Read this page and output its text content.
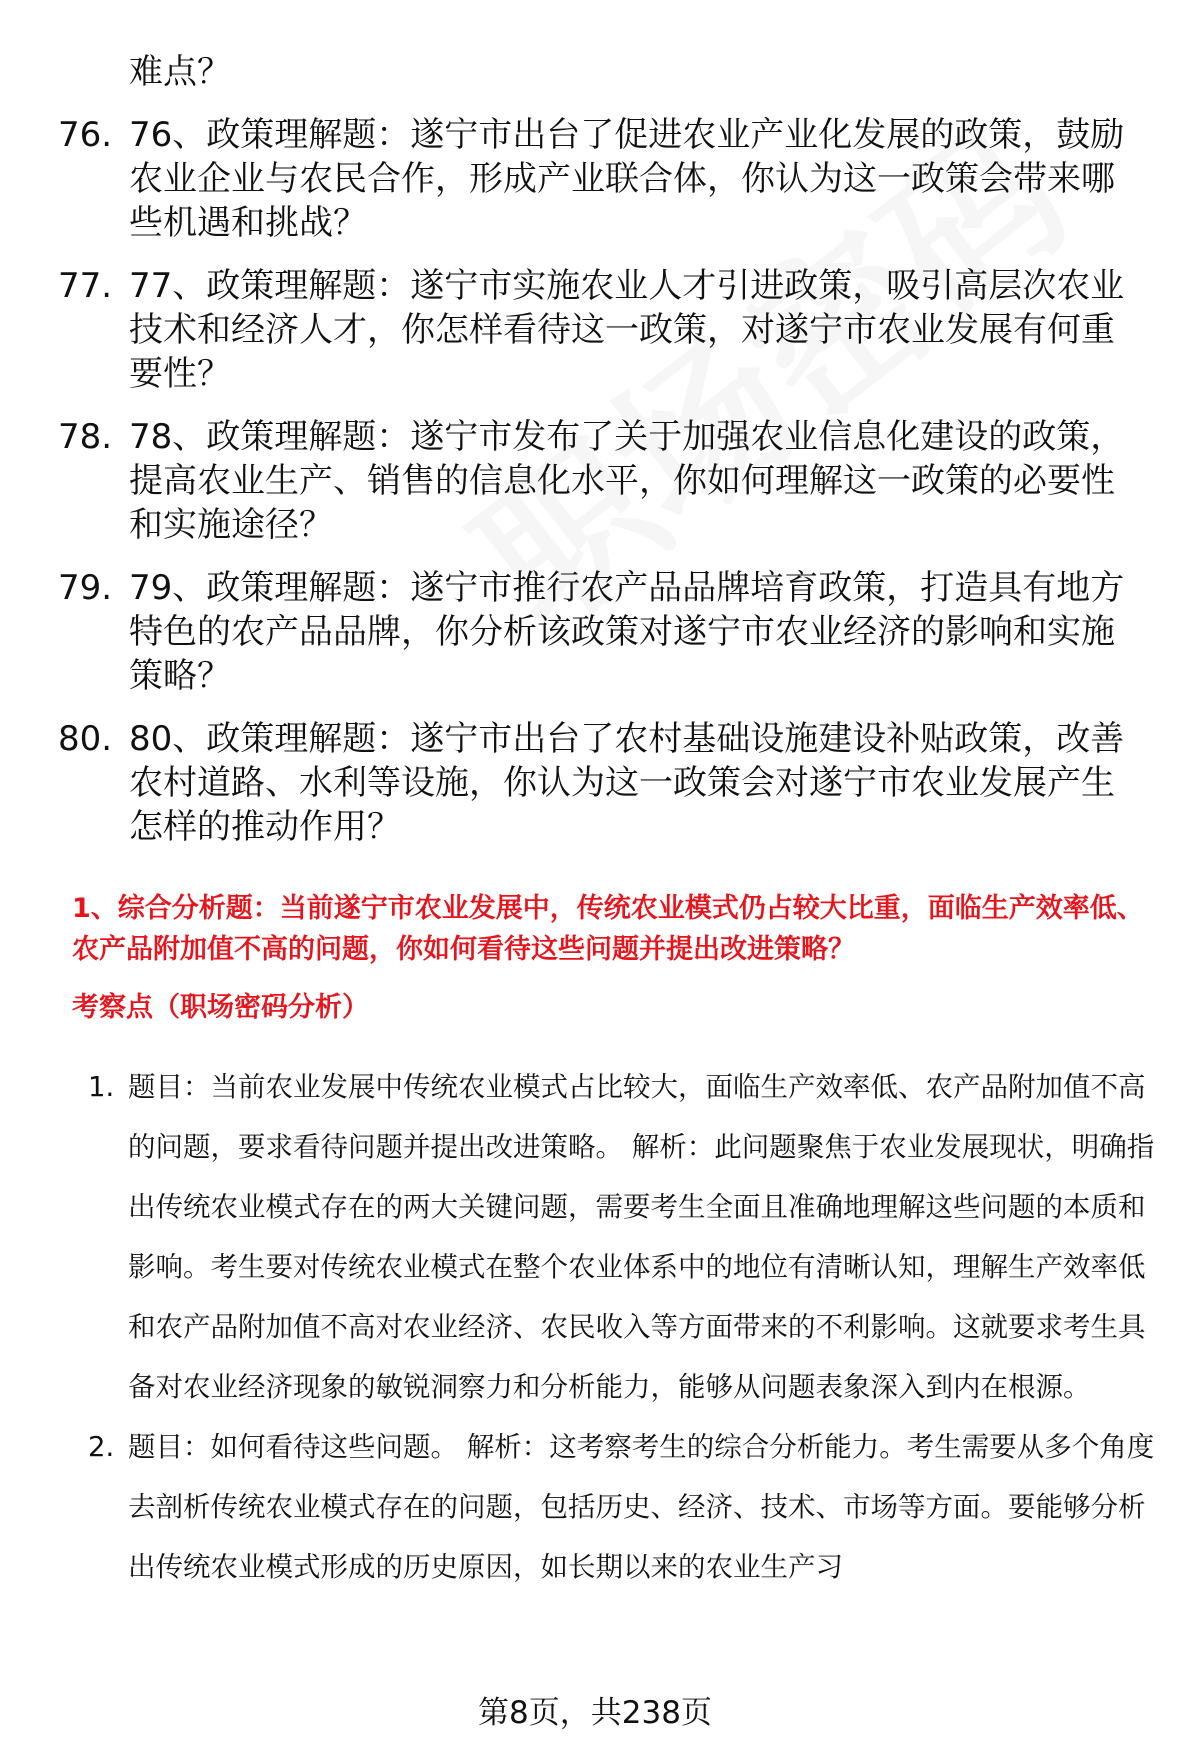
难点？
76. 76、政策理解题：遂宁市出台了促进农业产业化发展的政策，鼓励农业企业与农民合作，形成产业联合体，你认为这一政策会带来哪些机遇和挑战？
77. 77、政策理解题：遂宁市实施农业人才引进政策，吸引高层次农业技术和经济人才，你怎样看待这一政策，对遂宁市农业发展有何重要性？
78. 78、政策理解题：遂宁市发布了关于加强农业信息化建设的政策，提高农业生产、销售的信息化水平，你如何理解这一政策的必要性和实施途径？
79. 79、政策理解题：遂宁市推行农产品品牌培育政策，打造具有地方特色的农产品品牌，你分析该政策对遂宁市农业经济的影响和实施策略？
80. 80、政策理解题：遂宁市出台了农村基础设施建设补贴政策，改善农村道路、水利等设施，你认为这一政策会对遂宁市农业发展产生怎样的推动作用？
1、综合分析题：当前遂宁市农业发展中，传统农业模式仍占较大比重，面临生产效率低、农产品附加值不高的问题，你如何看待这些问题并提出改进策略？
考察点（职场密码分析）
1. 题目：当前农业发展中传统农业模式占比较大，面临生产效率低、农产品附加值不高的问题，要求看待问题并提出改进策略。 解析：此问题聚焦于农业发展现状，明确指出传统农业模式存在的两大关键问题，需要考生全面且准确地理解这些问题的本质和影响。考生要对传统农业模式在整个农业体系中的地位有清晰认知，理解生产效率低和农产品附加值不高对农业经济、农民收入等方面带来的不利影响。这就要求考生具备对农业经济现象的敏锐洞察力和分析能力，能够从问题表象深入到内在根源。
2. 题目：如何看待这些问题。 解析：这考察考生的综合分析能力。考生需要从多个角度去剖析传统农业模式存在的问题，包括历史、经济、技术、市场等方面。要能够分析出传统农业模式形成的历史原因，如长期以来的农业生产习
第8页，共238页
